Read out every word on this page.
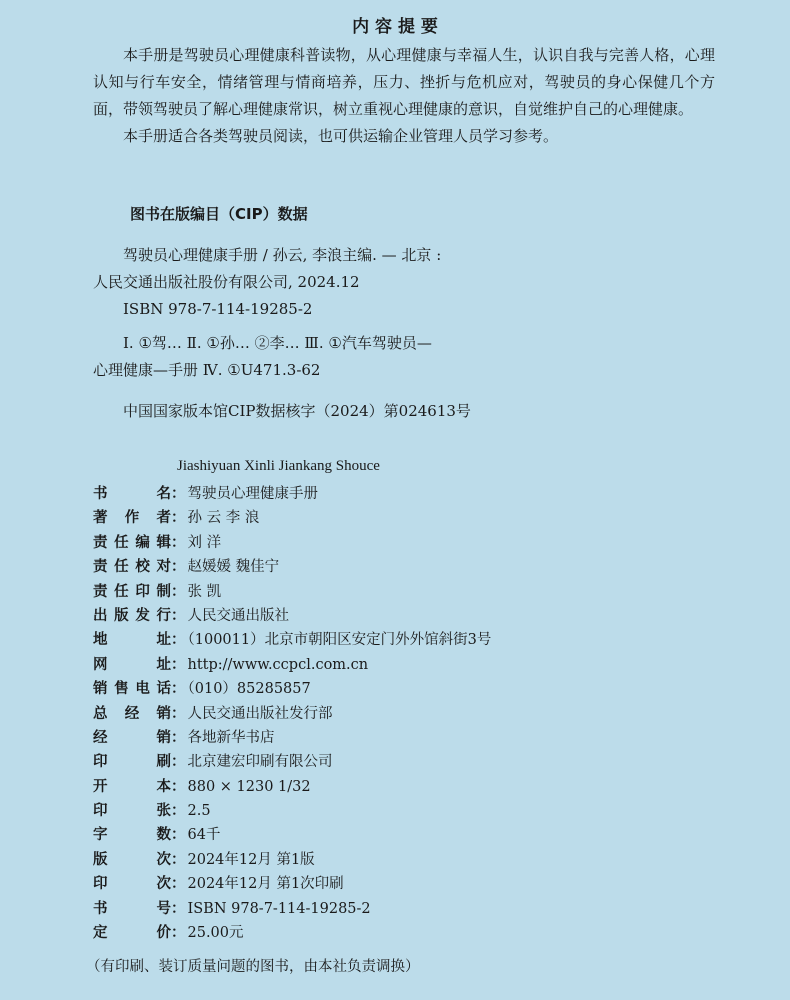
内 容 提 要

本手册是驾驶员心理健康科普读物，从心理健康与幸福人生，认识自我与完善人格，心理认知与行车安全，情绪管理与情商培养，压力、挫折与危机应对，驾驶员的身心保健几个方面，带领驾驶员了解心理健康常识，树立重视心理健康的意识，自觉维护自己的心理健康。

本手册适合各类驾驶员阅读，也可供运输企业管理人员学习参考。

图书在版编目（CIP）数据
驾驶员心理健康手册 / 孙云, 李浪主编. — 北京 :
人民交通出版社股份有限公司, 2024.12
ISBN 978-7-114-19285-2
Ⅰ. ①驾… Ⅱ. ①孙… ②李… Ⅲ. ①汽车驾驶员—
心理健康—手册 Ⅳ. ①U471.3-62
中国国家版本馆CIP数据核字（2024）第024613号
Jiashiyuan Xinli Jiankang Shouce
书名： 驾驶员心理健康手册
著作者： 孙 云 李 浪
责任编辑： 刘 洋
责任校对： 赵媛媛 魏佳宁
责任印制： 张 凯
出版发行： 人民交通出版社
地址： （100011）北京市朝阳区安定门外外馆斜街3号
网址： http://www.ccpcl.com.cn
销售电话： （010）85285857
总经销： 人民交通出版社发行部
经销： 各地新华书店
印刷： 北京建宏印刷有限公司
开本： 880 × 1230 1/32
印张： 2.5
字数： 64千
版次： 2024年12月 第1版
印次： 2024年12月 第1次印刷
书号： ISBN 978-7-114-19285-2
定价： 25.00元
（有印刷、装订质量问题的图书，由本社负责调换）
